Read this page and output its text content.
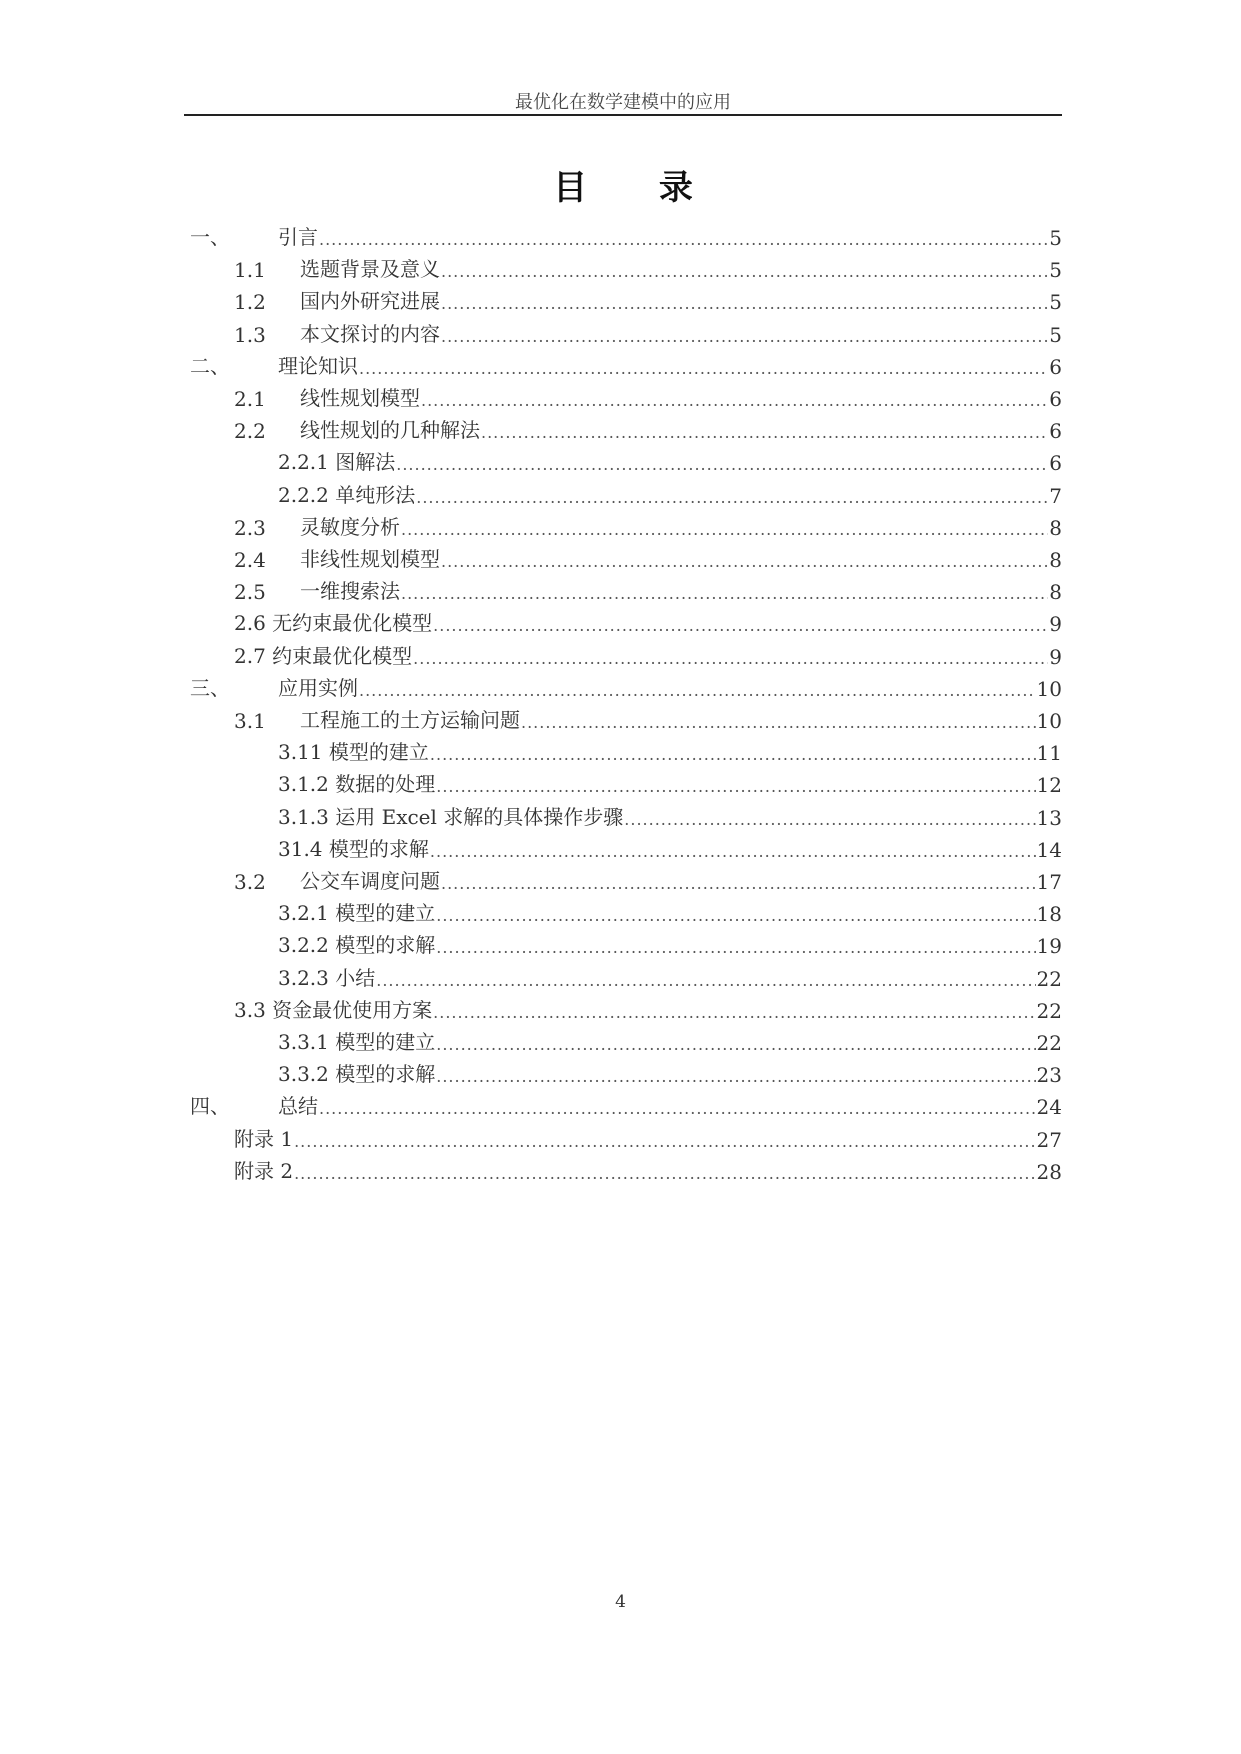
最优化在数学建模中的应用
目 录
一、	引言 .....	5
1.1	选题背景及意义 .....	5
1.2	国内外研究进展 .....	5
1.3	本文探讨的内容 .....	5
二、	理论知识 .....	6
2.1	线性规划模型 .....	6
2.2	线性规划的几种解法 .....	6
2.2.1 图解法 .....	6
2.2.2 单纯形法 .....	7
2.3	灵敏度分析 .....	8
2.4	非线性规划模型 .....	8
2.5	一维搜索法 .....	8
2.6 无约束最优化模型 .....	9
2.7 约束最优化模型 .....	9
三、	应用实例 .....	10
3.1	工程施工的土方运输问题 .....	10
3.11 模型的建立 .....	11
3.1.2 数据的处理 .....	12
3.1.3 运用 Excel 求解的具体操作步骤 .....	13
31.4 模型的求解 .....	14
3.2	公交车调度问题 .....	17
3.2.1 模型的建立 .....	18
3.2.2 模型的求解 .....	19
3.2.3 小结 .....	22
3.3 资金最优使用方案 .....	22
3.3.1 模型的建立 .....	22
3.3.2 模型的求解 .....	23
四、	总结 .....	24
附录 1 .....	27
附录 2 .....	28
4
